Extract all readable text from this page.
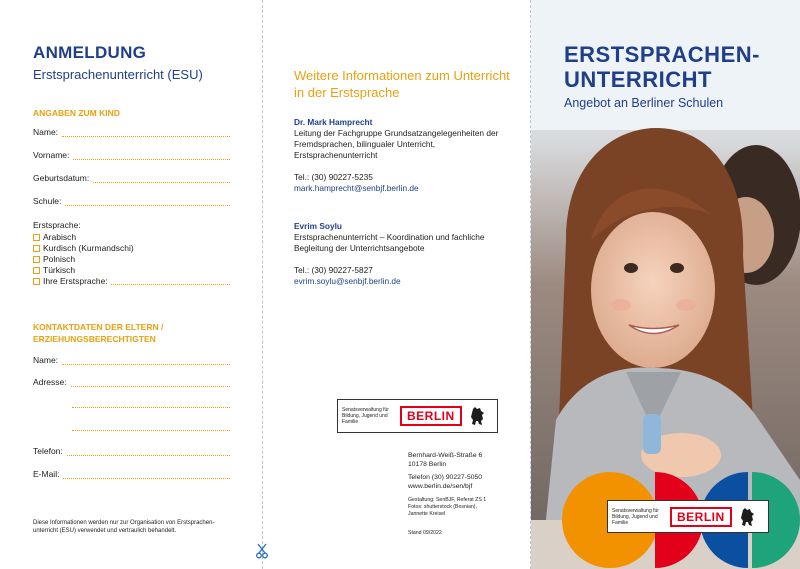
ANMELDUNG
Erstsprachenunterricht (ESU)
ANGABEN ZUM KIND
Name:
Vorname:
Geburtsdatum:
Schule:
Erstsprache:
Arabisch
Kurdisch (Kurmandschi)
Polnisch
Türkisch
Ihre Erstsprache:
KONTAKTDATEN DER ELTERN /
ERZIEHUNGSBERECHTIGTEN
Name:
Adresse:
Telefon:
E-Mail:
Diese Informationen werden nur zur Organisation von Erstsprachenunterricht (ESU) verwendet und vertraulich behandelt.
Weitere Informationen zum Unterricht in der Erstsprache
Dr. Mark Hamprecht
Leitung der Fachgruppe Grundsatzangelegenheiten der Fremdsprachen, bilingualer Unterricht, Erstsprachenunterricht
Tel.: (30) 90227-5235
mark.hamprecht@senbjf.berlin.de
Evrim Soylu
Erstsprachenunterricht – Koordination und fachliche Begleitung der Unterrichtsangebote
Tel.: (30) 90227-5827
evrim.soylu@senbjf.berlin.de
Senatsverwaltung für Bildung, Jugend und Familie	BERLIN
Bernhard-Weiß-Straße 6
10178 Berlin
Telefon (30) 90227-5050
www.berlin.de/sen/bjf
Gestaltung: SenBJF, Referat ZS 1
Fotos: shutterstock (Bosnian),
Jannette Kreisel
Stand 09/2022
ERSTSPRACHEN-
UNTERRICHT
Angebot an Berliner Schulen
Senatsverwaltung für Bildung, Jugend und Familie	BERLIN
